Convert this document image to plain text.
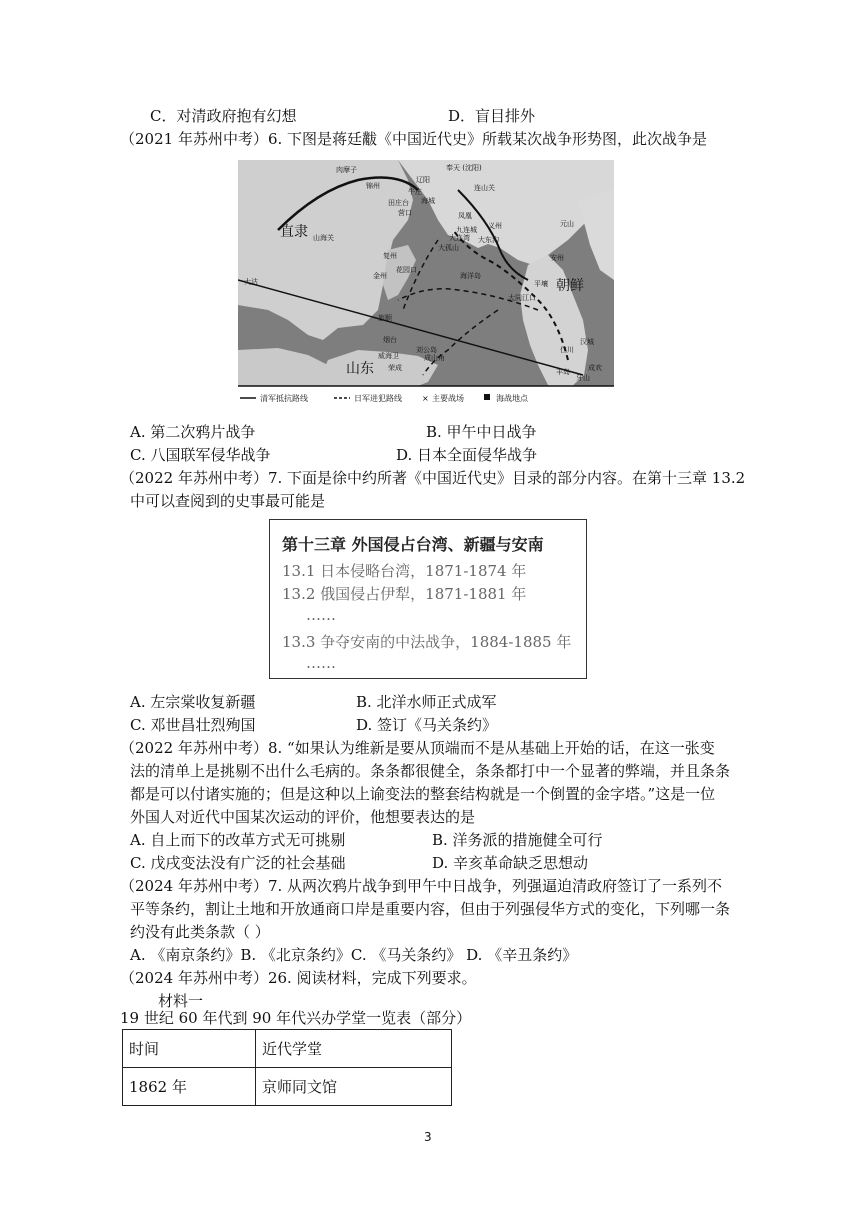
C．对清政府抱有幻想	D．盲目排外
（2021 年苏州中考）6. 下图是蒋廷黻《中国近代史》所载某次战争形势图，此次战争是
直隶
山东
朝鲜
奉天 (沈阳)
锦州
辽阳
牛庄
营口
田庄台 海城
连山关
凤凰
九连城 义州
大连湾
旅顺
大东沟
复州
金州
花园口
大孤山
海洋岛
山海关
大沽
烟台
威海卫
刘公岛
荣成
成山角
平壤
大同江口
安州
汉城
仁川
牙山
丰岛	成欢
肉摩子
元山
清军抵抗路线	日军进犯路线	× 主要战场	海战地点
A. 第二次鸦片战争	B. 甲午中日战争
C. 八国联军侵华战争	D. 日本全面侵华战争
（2022 年苏州中考）7. 下面是徐中约所著《中国近代史》目录的部分内容。在第十三章 13.2
中可以查阅到的史事最可能是
第十三章 外国侵占台湾、新疆与安南
13.1 日本侵略台湾，1871-1874 年
13.2 俄国侵占伊犁，1871-1881 年
……
13.3 争夺安南的中法战争，1884-1885 年
……
A. 左宗棠收复新疆	B. 北洋水师正式成军
C. 邓世昌壮烈殉国	D. 签订《马关条约》
（2022 年苏州中考）8. “如果认为维新是要从顶端而不是从基础上开始的话，在这一张变
法的清单上是挑剔不出什么毛病的。条条都很健全，条条都打中一个显著的弊端，并且条条
都是可以付诸实施的；但是这种以上谕变法的整套结构就是一个倒置的金字塔。”这是一位
外国人对近代中国某次运动的评价，他想要表达的是
A. 自上而下的改革方式无可挑剔	B. 洋务派的措施健全可行
C. 戊戌变法没有广泛的社会基础	D. 辛亥革命缺乏思想动
（2024 年苏州中考）7. 从两次鸦片战争到甲午中日战争，列强逼迫清政府签订了一系列不
平等条约，割让土地和开放通商口岸是重要内容，但由于列强侵华方式的变化，下列哪一条
约没有此类条款（ ）
A. 《南京条约》B. 《北京条约》C. 《马关条约》 D. 《辛丑条约》
（2024 年苏州中考）26. 阅读材料，完成下列要求。
材料一
19 世纪 60 年代到 90 年代兴办学堂一览表（部分）
时间	近代学堂
1862 年	京师同文馆
3
